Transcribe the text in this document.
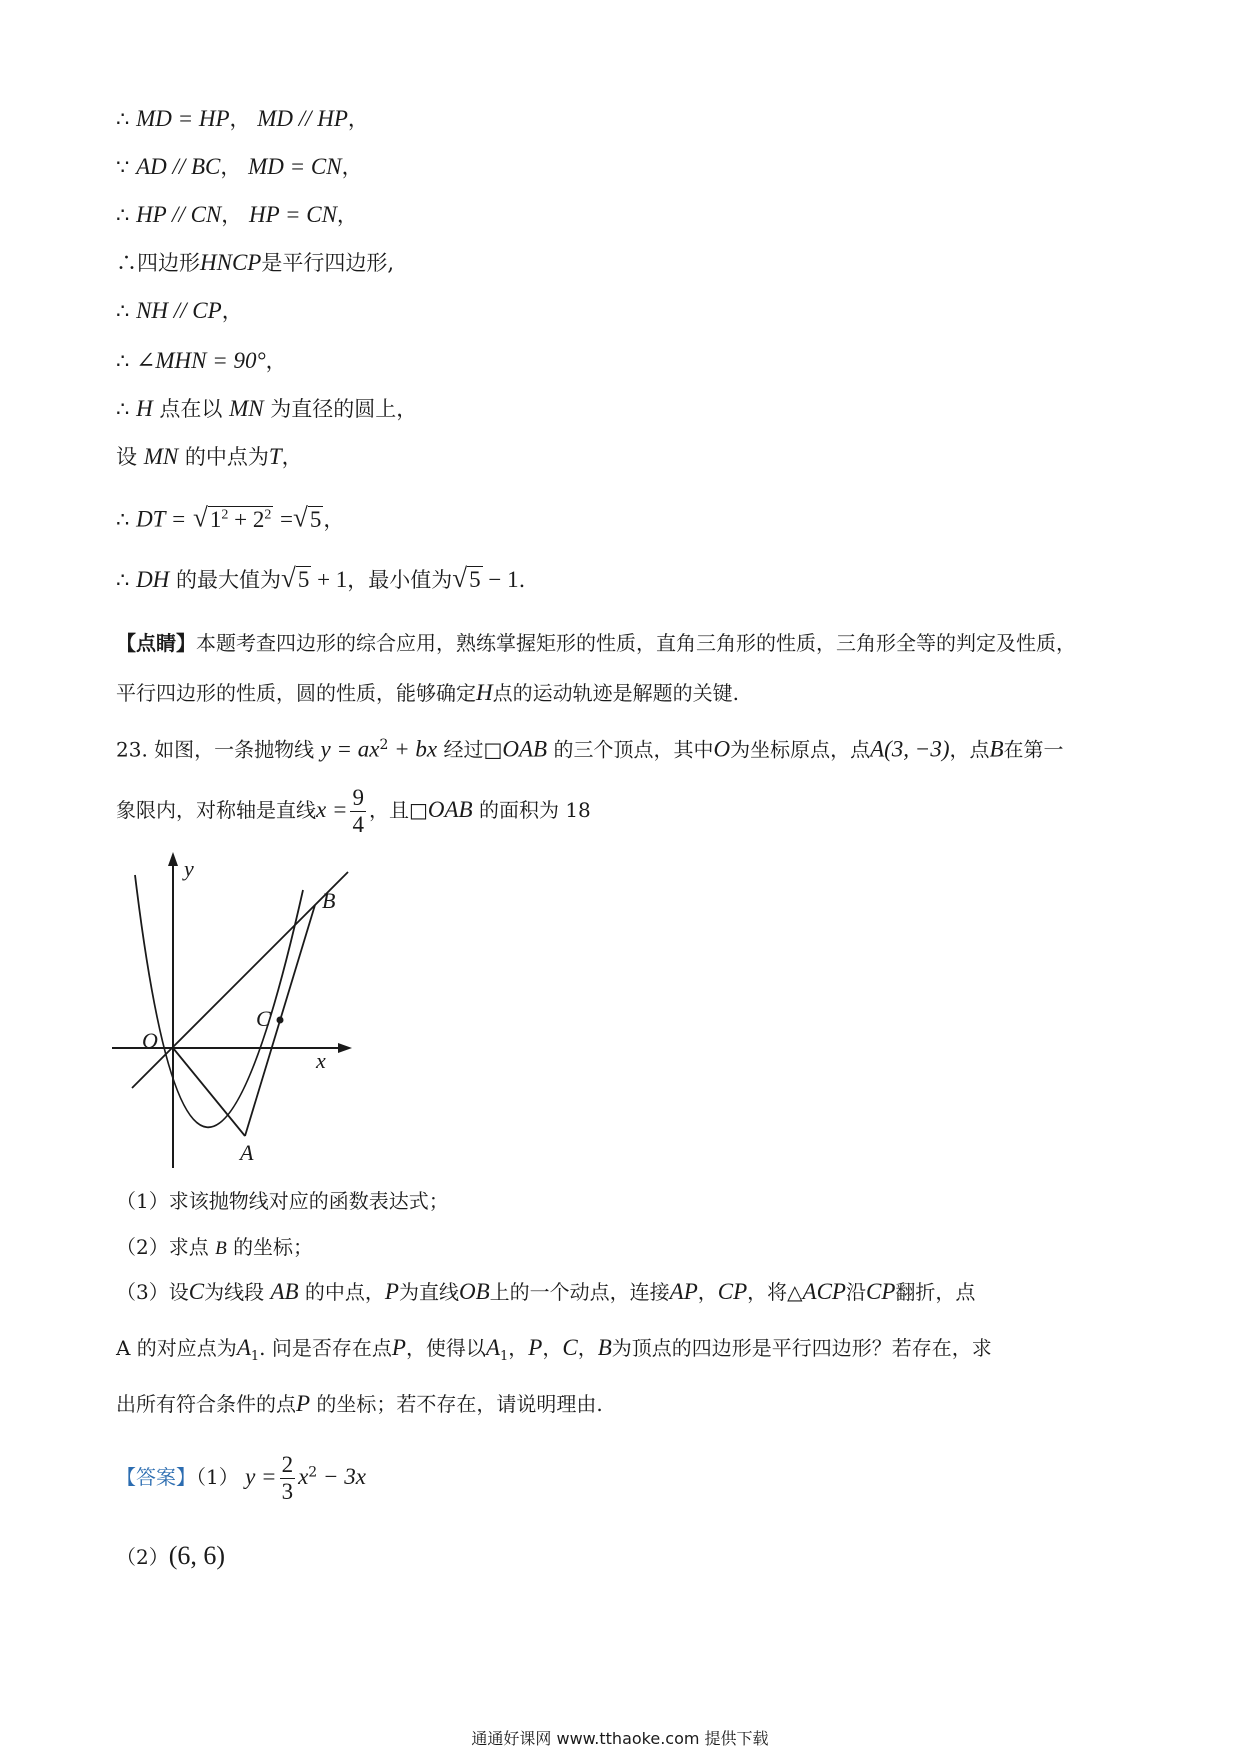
∴ MD = HP， MD // HP，
∵ AD // BC， MD = CN，
∴ HP // CN， HP = CN，
∴四边形HNCP是平行四边形,
∴ NH // CP，
∴ ∠MHN = 90°，
∴ H 点在以 MN 为直径的圆上，
设 MN 的中点为T，
∴ DT = $√1^2 + 2^2 =√5$，
∴ DH 的最大值为√5 + 1，最小值为√5 − 1.
【点睛】本题考查四边形的综合应用，熟练掌握矩形的性质，直角三角形的性质，三角形全等的判定及性质，
平行四边形的性质，圆的性质，能够确定H点的运动轨迹是解题的关键.
23. 如图，一条抛物线 $y = ax^2$ + bx 经过□OAB 的三个顶点，其中O为坐标原点，点A(3, −3)，点B在第一
象限内，对称轴是直线$x = \frac{9}{4}$ ，且□OAB 的面积为 18
y
x
O
A
B
C
（1）求该抛物线对应的函数表达式；
（2）求点 B 的坐标；
（3）设C为线段 AB 的中点，P为直线OB上的一个动点，连接AP，CP，将△ACP沿CP翻折，点
A 的对应点为$A_1$. 问是否存在点P，使得以$A_1$，P，C，B为顶点的四边形是平行四边形？若存在，求
出所有符合条件的点P 的坐标；若不存在，请说明理由.
【答案】（1） $y = \frac{2}{3} x^2 - 3x$
（2）(6, 6)
通通好课网 www.tthaoke.com 提供下载
